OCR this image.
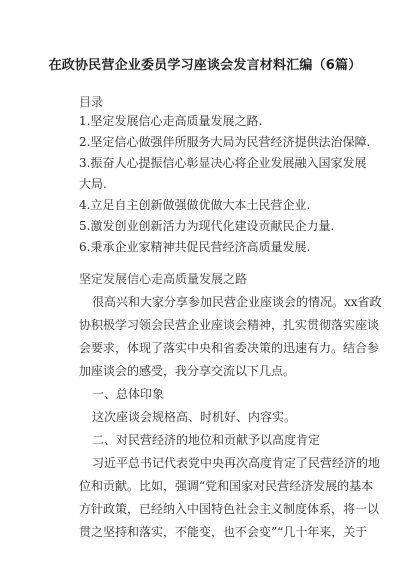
在政协民营企业委员学习座谈会发言材料汇编（6篇）
目录
1.坚定发展信心走高质量发展之路.
2.坚定信心做强伴所服务大局为民营经济提供法治保障.
3.振奋人心提振信心彰显决心将企业发展融入国家发展
大局.
4.立足自主创新做强做优做大本土民营企业.
5.激发创业创新活力为现代化建设贡献民企力量.
6.秉承企业家精神共促民营经济高质量发展.
坚定发展信心走高质量发展之路
很高兴和大家分享参加民营企业座谈会的情况。xx省政
协积极学习领会民营企业座谈会精神，扎实贯彻落实座谈
会要求，体现了落实中央和省委决策的迅速有力。结合参
加座谈会的感受，我分享交流以下几点。
一、总体印象
这次座谈会规格高、时机好、内容实。
二、对民营经济的地位和贡献予以高度肯定
习近平总书记代表党中央再次高度肯定了民营经济的地
位和贡献。比如，强调“党和国家对民营经济发展的基本
方针政策，已经纳入中国特色社会主义制度体系，将一以
贯之坚持和落实，不能变，也不会变”“几十年来，关于
